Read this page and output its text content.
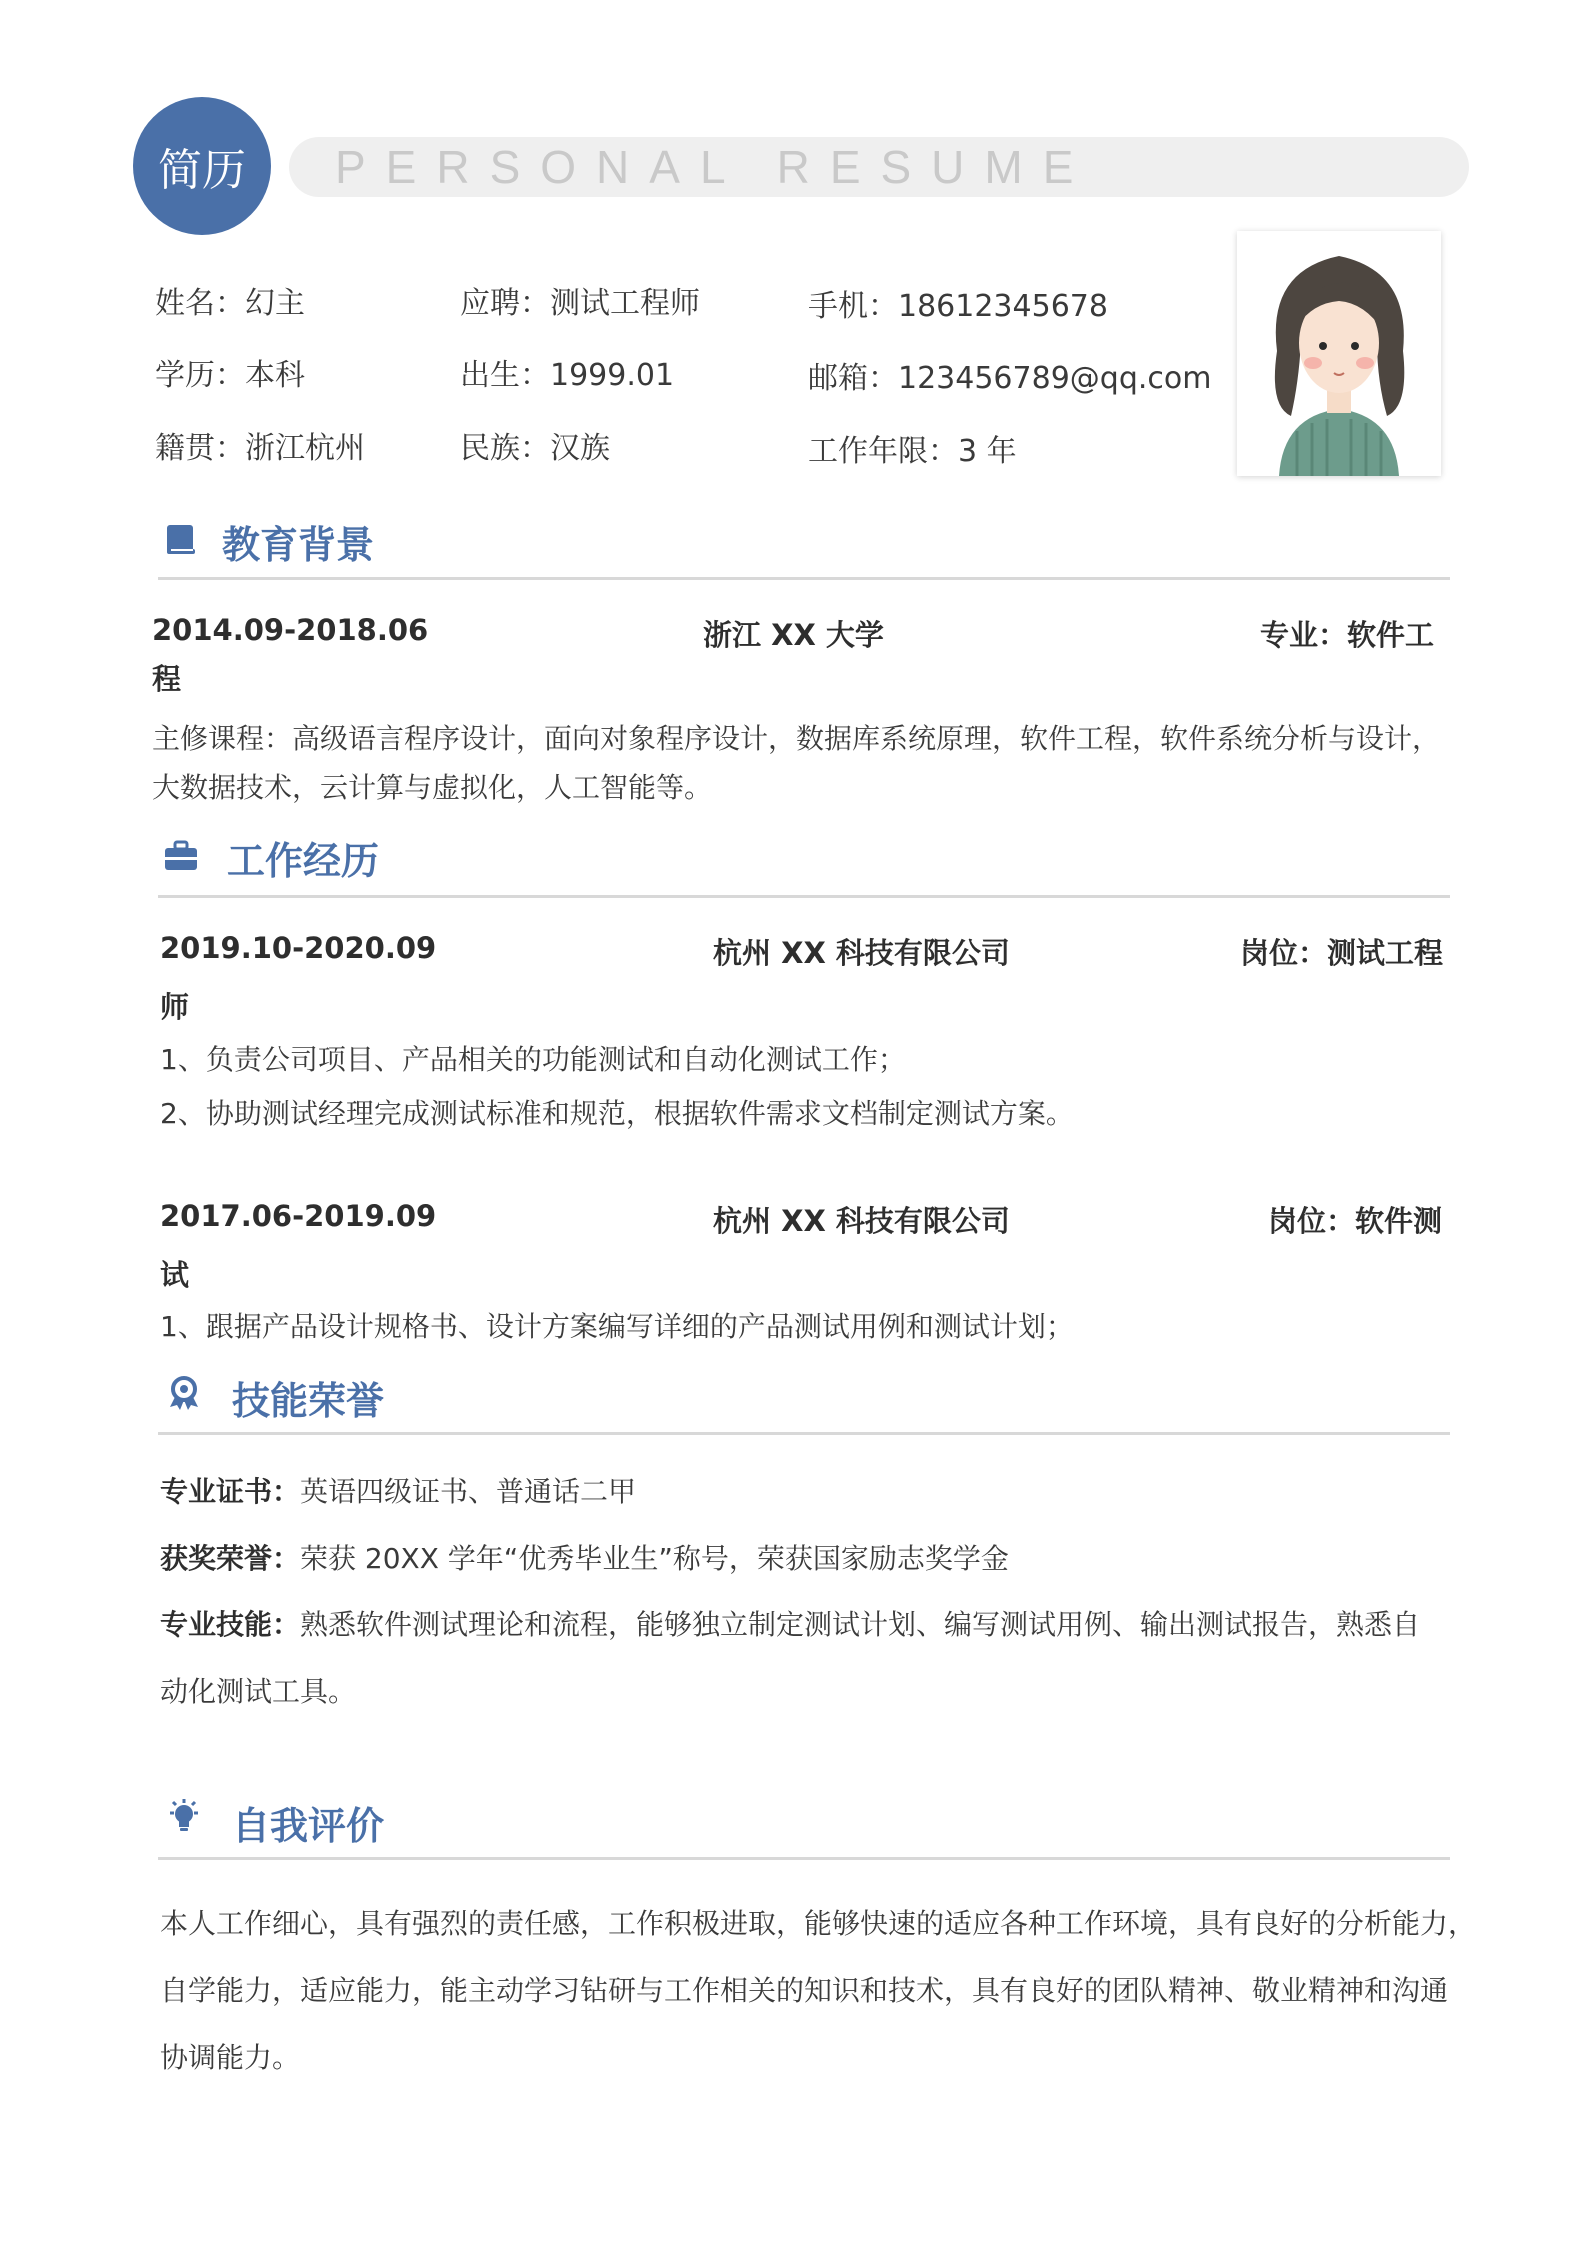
简历	PERSONAL RESUME
姓名：幻主	应聘：测试工程师	手机：18612345678
学历：本科	出生：1999.01	邮箱：123456789@qq.com
籍贯：浙江杭州	民族：汉族	工作年限：3 年
教育背景
2014.09-2018.06	浙江 XX 大学	专业：软件工
程
主修课程：高级语言程序设计，面向对象程序设计，数据库系统原理，软件工程，软件系统分析与设计，
大数据技术，云计算与虚拟化，人工智能等。
工作经历
2019.10-2020.09	杭州 XX 科技有限公司	岗位：测试工程
师
1、负责公司项目、产品相关的功能测试和自动化测试工作；
2、协助测试经理完成测试标准和规范，根据软件需求文档制定测试方案。
2017.06-2019.09	杭州 XX 科技有限公司	岗位：软件测
试
1、跟据产品设计规格书、设计方案编写详细的产品测试用例和测试计划；
技能荣誉
专业证书：英语四级证书、普通话二甲
获奖荣誉：荣获 20XX 学年“优秀毕业生”称号，荣获国家励志奖学金
专业技能：熟悉软件测试理论和流程，能够独立制定测试计划、编写测试用例、输出测试报告，熟悉自
动化测试工具。
自我评价
本人工作细心，具有强烈的责任感，工作积极进取，能够快速的适应各种工作环境，具有良好的分析能力，
自学能力，适应能力，能主动学习钻研与工作相关的知识和技术，具有良好的团队精神、敬业精神和沟通
协调能力。
